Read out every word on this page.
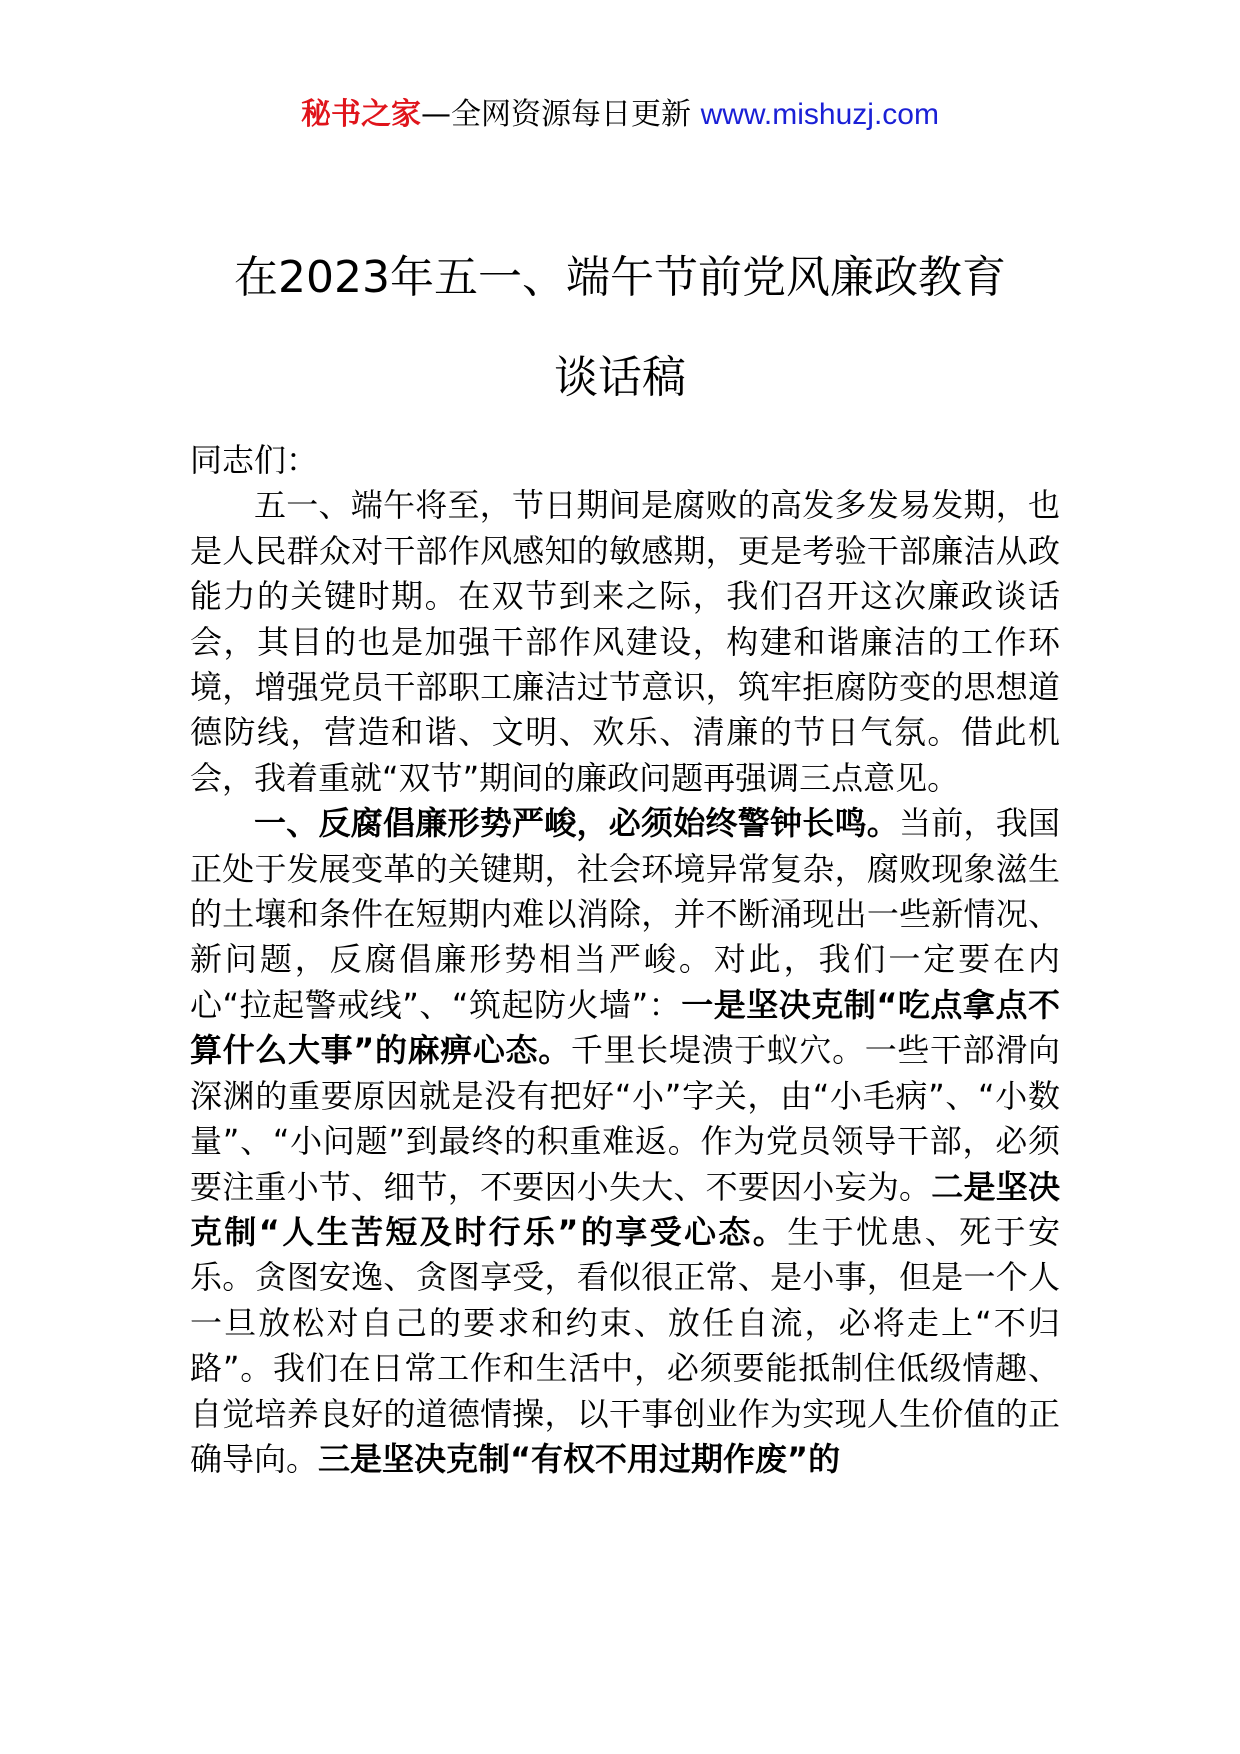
秘书之家—全网资源每日更新 www.mishuzj.com
在2023年五一、端午节前党风廉政教育
谈话稿

同志们：

五一、端午将至，节日期间是腐败的高发多发易发期，也是人民群众对干部作风感知的敏感期，更是考验干部廉洁从政能力的关键时期。在双节到来之际，我们召开这次廉政谈话会，其目的也是加强干部作风建设，构建和谐廉洁的工作环境，增强党员干部职工廉洁过节意识，筑牢拒腐防变的思想道德防线，营造和谐、文明、欢乐、清廉的节日气氛。借此机会，我着重就“双节”期间的廉政问题再强调三点意见。

一、反腐倡廉形势严峻，必须始终警钟长鸣。当前，我国正处于发展变革的关键期，社会环境异常复杂，腐败现象滋生的土壤和条件在短期内难以消除，并不断涌现出一些新情况、新问题，反腐倡廉形势相当严峻。对此，我们一定要在内心“拉起警戒线”、“筑起防火墙”：一是坚决克制“吃点拿点不算什么大事”的麻痹心态。千里长堤溃于蚁穴。一些干部滑向深渊的重要原因就是没有把好“小”字关，由“小毛病”、“小数量”、“小问题”到最终的积重难返。作为党员领导干部，必须要注重小节、细节，不要因小失大、不要因小妄为。二是坚决克制“人生苦短及时行乐”的享受心态。生于忧患、死于安乐。贪图安逸、贪图享受，看似很正常、是小事，但是一个人一旦放松对自己的要求和约束、放任自流，必将走上“不归路”。我们在日常工作和生活中，必须要能抵制住低级情趣、自觉培养良好的道德情操，以干事创业作为实现人生价值的正确导向。三是坚决克制“有权不用过期作废”的
